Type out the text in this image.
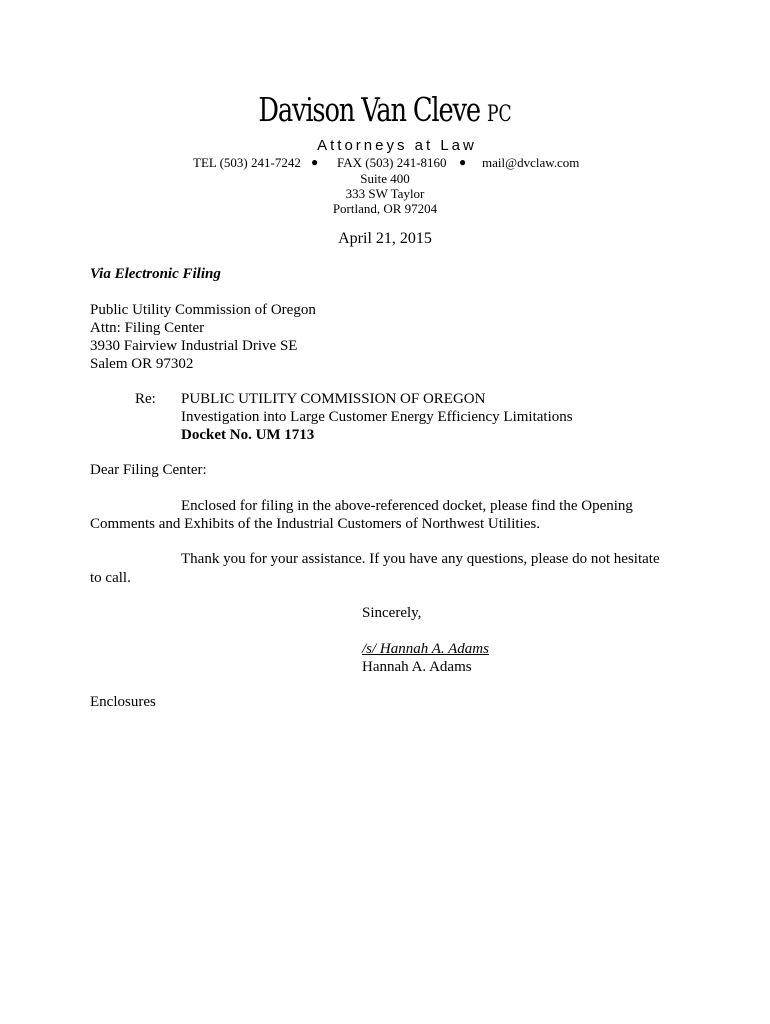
Davison Van Cleve PC
Attorneys at Law
TEL (503) 241-7242 ● FAX (503) 241-8160 ● mail@dvclaw.com
Suite 400
333 SW Taylor
Portland, OR 97204
April 21, 2015
Via Electronic Filing
Public Utility Commission of Oregon
Attn: Filing Center
3930 Fairview Industrial Drive SE
Salem OR 97302
Re: PUBLIC UTILITY COMMISSION OF OREGON
Investigation into Large Customer Energy Efficiency Limitations
Docket No. UM 1713
Dear Filing Center:
Enclosed for filing in the above-referenced docket, please find the Opening
Comments and Exhibits of the Industrial Customers of Northwest Utilities.
Thank you for your assistance. If you have any questions, please do not hesitate
to call.
Sincerely,
/s/ Hannah A. Adams
Hannah A. Adams
Enclosures
